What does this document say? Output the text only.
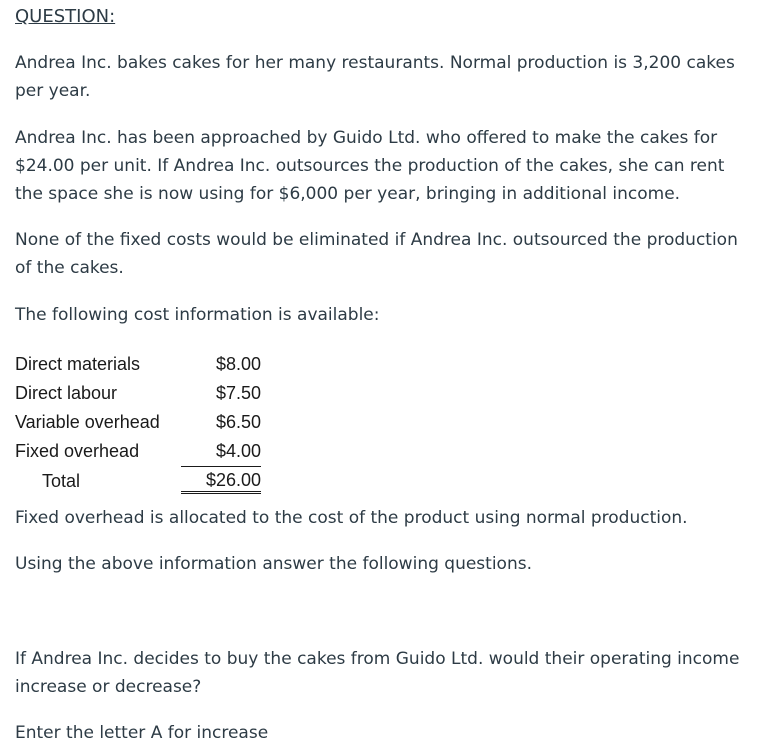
QUESTION:

Andrea Inc. bakes cakes for her many restaurants. Normal production is 3,200 cakes per year.

Andrea Inc. has been approached by Guido Ltd. who offered to make the cakes for $24.00 per unit. If Andrea Inc. outsources the production of the cakes, she can rent the space she is now using for $6,000 per year, bringing in additional income.

None of the fixed costs would be eliminated if Andrea Inc. outsourced the production of the cakes.

The following cost information is available:

Direct materials	$8.00
Direct labour	$7.50
Variable overhead	$6.50
Fixed overhead	$4.00
Total	$26.00

Fixed overhead is allocated to the cost of the product using normal production.

Using the above information answer the following questions.

If Andrea Inc. decides to buy the cakes from Guido Ltd. would their operating income increase or decrease?

Enter the letter A for increase
